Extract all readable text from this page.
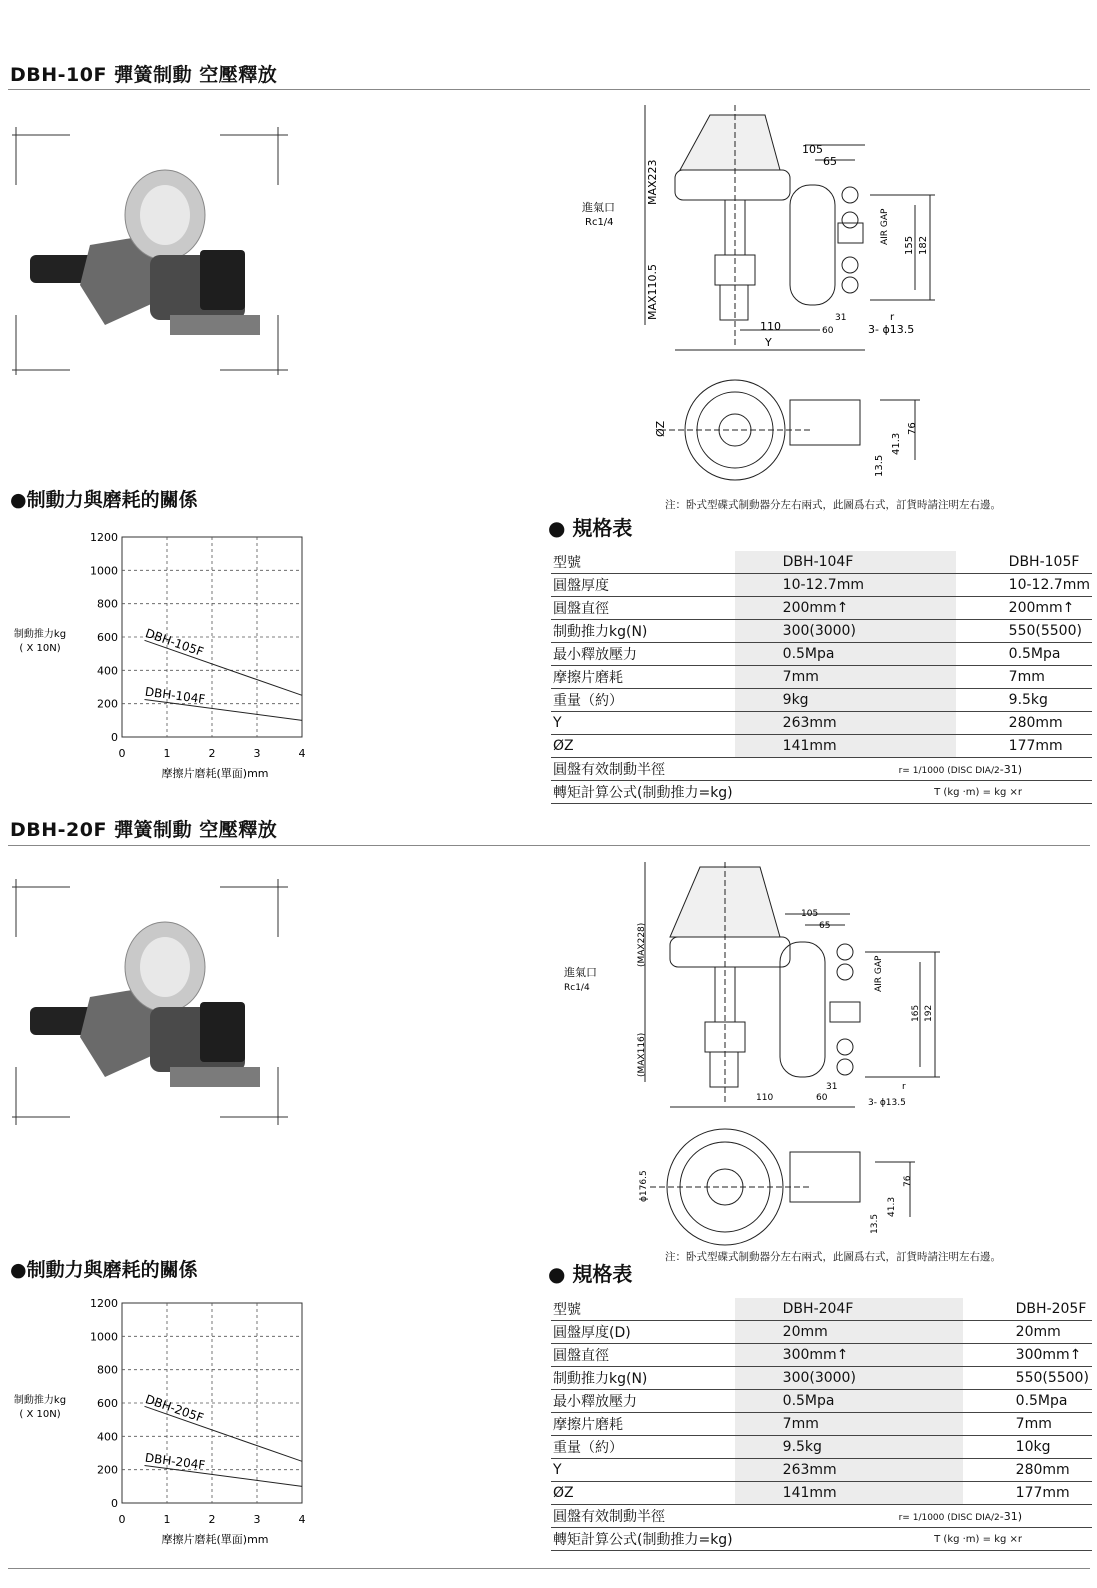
DBH-10F 彈簧制動 空壓釋放
●制動力與磨耗的關係
0
200
400
600
800
1000
1200
0	1	2	3	4
制動推力kg
( X 10N)
摩擦片磨耗(單面)mm
DBH-105F
DBH-104F
進氣口
Rc1/4
MAX223
MAX110.5
105
65
155 182
AIR GAP
110	60
31	r
3- ϕ13.5
Y
ØZ
13.5
41.3
76
注：卧式型碟式制動器分左右兩式，此圖爲右式，訂貨時請注明左右邊。
● 規格表
型號	DBH-104F	DBH-105F
圓盤厚度	10-12.7mm	10-12.7mm
圓盤直徑	200mm↑	200mm↑
制動推力kg(N)	300(3000)	550(5500)
最小釋放壓力	0.5Mpa	0.5Mpa
摩擦片磨耗	7mm	7mm
重量（約）	9kg	9.5kg
Y	263mm	280mm
ØZ	141mm	177mm
圓盤有效制動半徑	r= 1/1000 (DISC DIA/2-31)	
轉矩計算公式(制動推力=kg)	T (kg ·m) = kg ×r	
DBH-20F 彈簧制動 空壓釋放
●制動力與磨耗的關係
0
200
400
600
800
1000
1200
0	1	2	3	4
制動推力kg
( X 10N)
摩擦片磨耗(單面)mm
DBH-205F
DBH-204F
進氣口
Rc1/4
(MAX228)
(MAX116)
105
65
165 192
AIR GAP
110	60
31	r
3- ϕ13.5
ϕ176.5
13.5
41.3
76
注：卧式型碟式制動器分左右兩式，此圖爲右式，訂貨時請注明左右邊。
● 規格表
型號	DBH-204F	DBH-205F
圓盤厚度(D)	20mm	20mm
圓盤直徑	300mm↑	300mm↑
制動推力kg(N)	300(3000)	550(5500)
最小釋放壓力	0.5Mpa	0.5Mpa
摩擦片磨耗	7mm	7mm
重量（約）	9.5kg	10kg
Y	263mm	280mm
ØZ	141mm	177mm
圓盤有效制動半徑	r= 1/1000 (DISC DIA/2-31)	
轉矩計算公式(制動推力=kg)	T (kg ·m) = kg ×r	
